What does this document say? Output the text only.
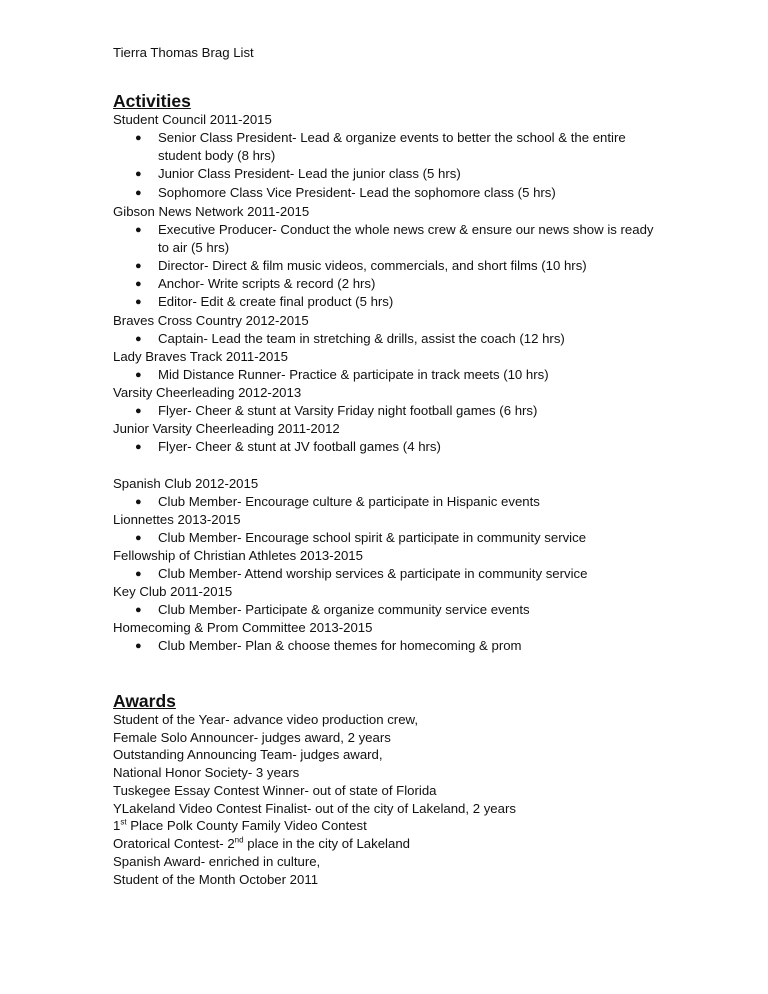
Tierra Thomas Brag List
Activities
Student Council 2011-2015
● Senior Class President- Lead & organize events to better the school & the entire student body (8 hrs)
● Junior Class President- Lead the junior class (5 hrs)
● Sophomore Class Vice President- Lead the sophomore class (5 hrs)
Gibson News Network 2011-2015
● Executive Producer- Conduct the whole news crew & ensure our news show is ready to air (5 hrs)
● Director- Direct & film music videos, commercials, and short films (10 hrs)
● Anchor- Write scripts & record (2 hrs)
● Editor- Edit & create final product (5 hrs)
Braves Cross Country 2012-2015
● Captain- Lead the team in stretching & drills, assist the coach (12 hrs)
Lady Braves Track 2011-2015
● Mid Distance Runner- Practice & participate in track meets (10 hrs)
Varsity Cheerleading 2012-2013
● Flyer- Cheer & stunt at Varsity Friday night football games (6 hrs)
Junior Varsity Cheerleading 2011-2012
● Flyer- Cheer & stunt at JV football games (4 hrs)
Spanish Club 2012-2015
● Club Member- Encourage culture & participate in Hispanic events
Lionnettes 2013-2015
● Club Member- Encourage school spirit & participate in community service
Fellowship of Christian Athletes 2013-2015
● Club Member- Attend worship services & participate in community service
Key Club 2011-2015
● Club Member- Participate & organize community service events
Homecoming & Prom Committee 2013-2015
● Club Member- Plan & choose themes for homecoming & prom
Awards
Student of the Year- advance video production crew,
Female Solo Announcer- judges award, 2 years
Outstanding Announcing Team- judges award,
National Honor Society- 3 years
Tuskegee Essay Contest Winner- out of state of Florida
YLakeland Video Contest Finalist- out of the city of Lakeland, 2 years
Spanish Award- enriched in culture,
Student of the Month October 2011
1st Place Polk County Family Video Contest
Oratorical Contest- 2nd place in the city of Lakeland
